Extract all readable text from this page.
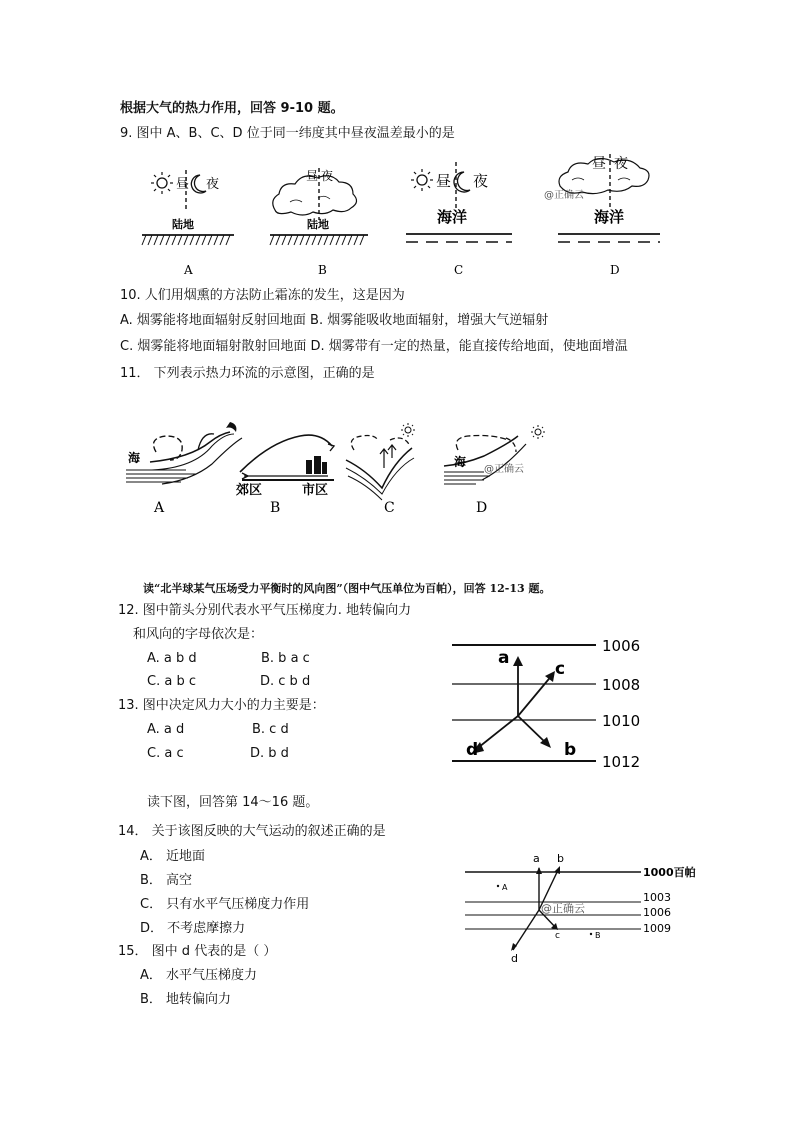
根据大气的热力作用，回答 9-10 题。
9. 图中 A、B、C、D 位于同一纬度其中昼夜温差最小的是
昼 夜
陆地
昼 夜
陆地
昼 夜
海洋
昼 夜
@正确云
海洋
A	B	C	D
10. 人们用烟熏的方法防止霜冻的发生，这是因为
A. 烟雾能将地面辐射反射回地面 B. 烟雾能吸收地面辐射，增强大气逆辐射
C. 烟雾能将地面辐射散射回地面 D. 烟雾带有一定的热量，能直接传给地面，使地面增温
11． 下列表示热力环流的示意图，正确的是
海
郊区	市区
海
@正确云
A	B	C	D
读“北半球某气压场受力平衡时的风向图”（图中气压单位为百帕），回答 12-13 题。
12. 图中箭头分别代表水平气压梯度力. 地转偏向力
和风向的字母依次是：
A. a b d	B. b a c
C. a b c	D. c b d
13. 图中决定风力大小的力主要是：
A. a d	B. c d
C. a c	D. b d
1006
1008
1010
1012
a
c
d	b
读下图，回答第 14～16 题。
14． 关于该图反映的大气运动的叙述正确的是
A． 近地面
B． 高空
C． 只有水平气压梯度力作用
D． 不考虑摩擦力
15． 图中 d 代表的是（ ）
A． 水平气压梯度力
B． 地转偏向力
1000百帕
1003
1006
1009
a b
c
d
A
B
@正确云
